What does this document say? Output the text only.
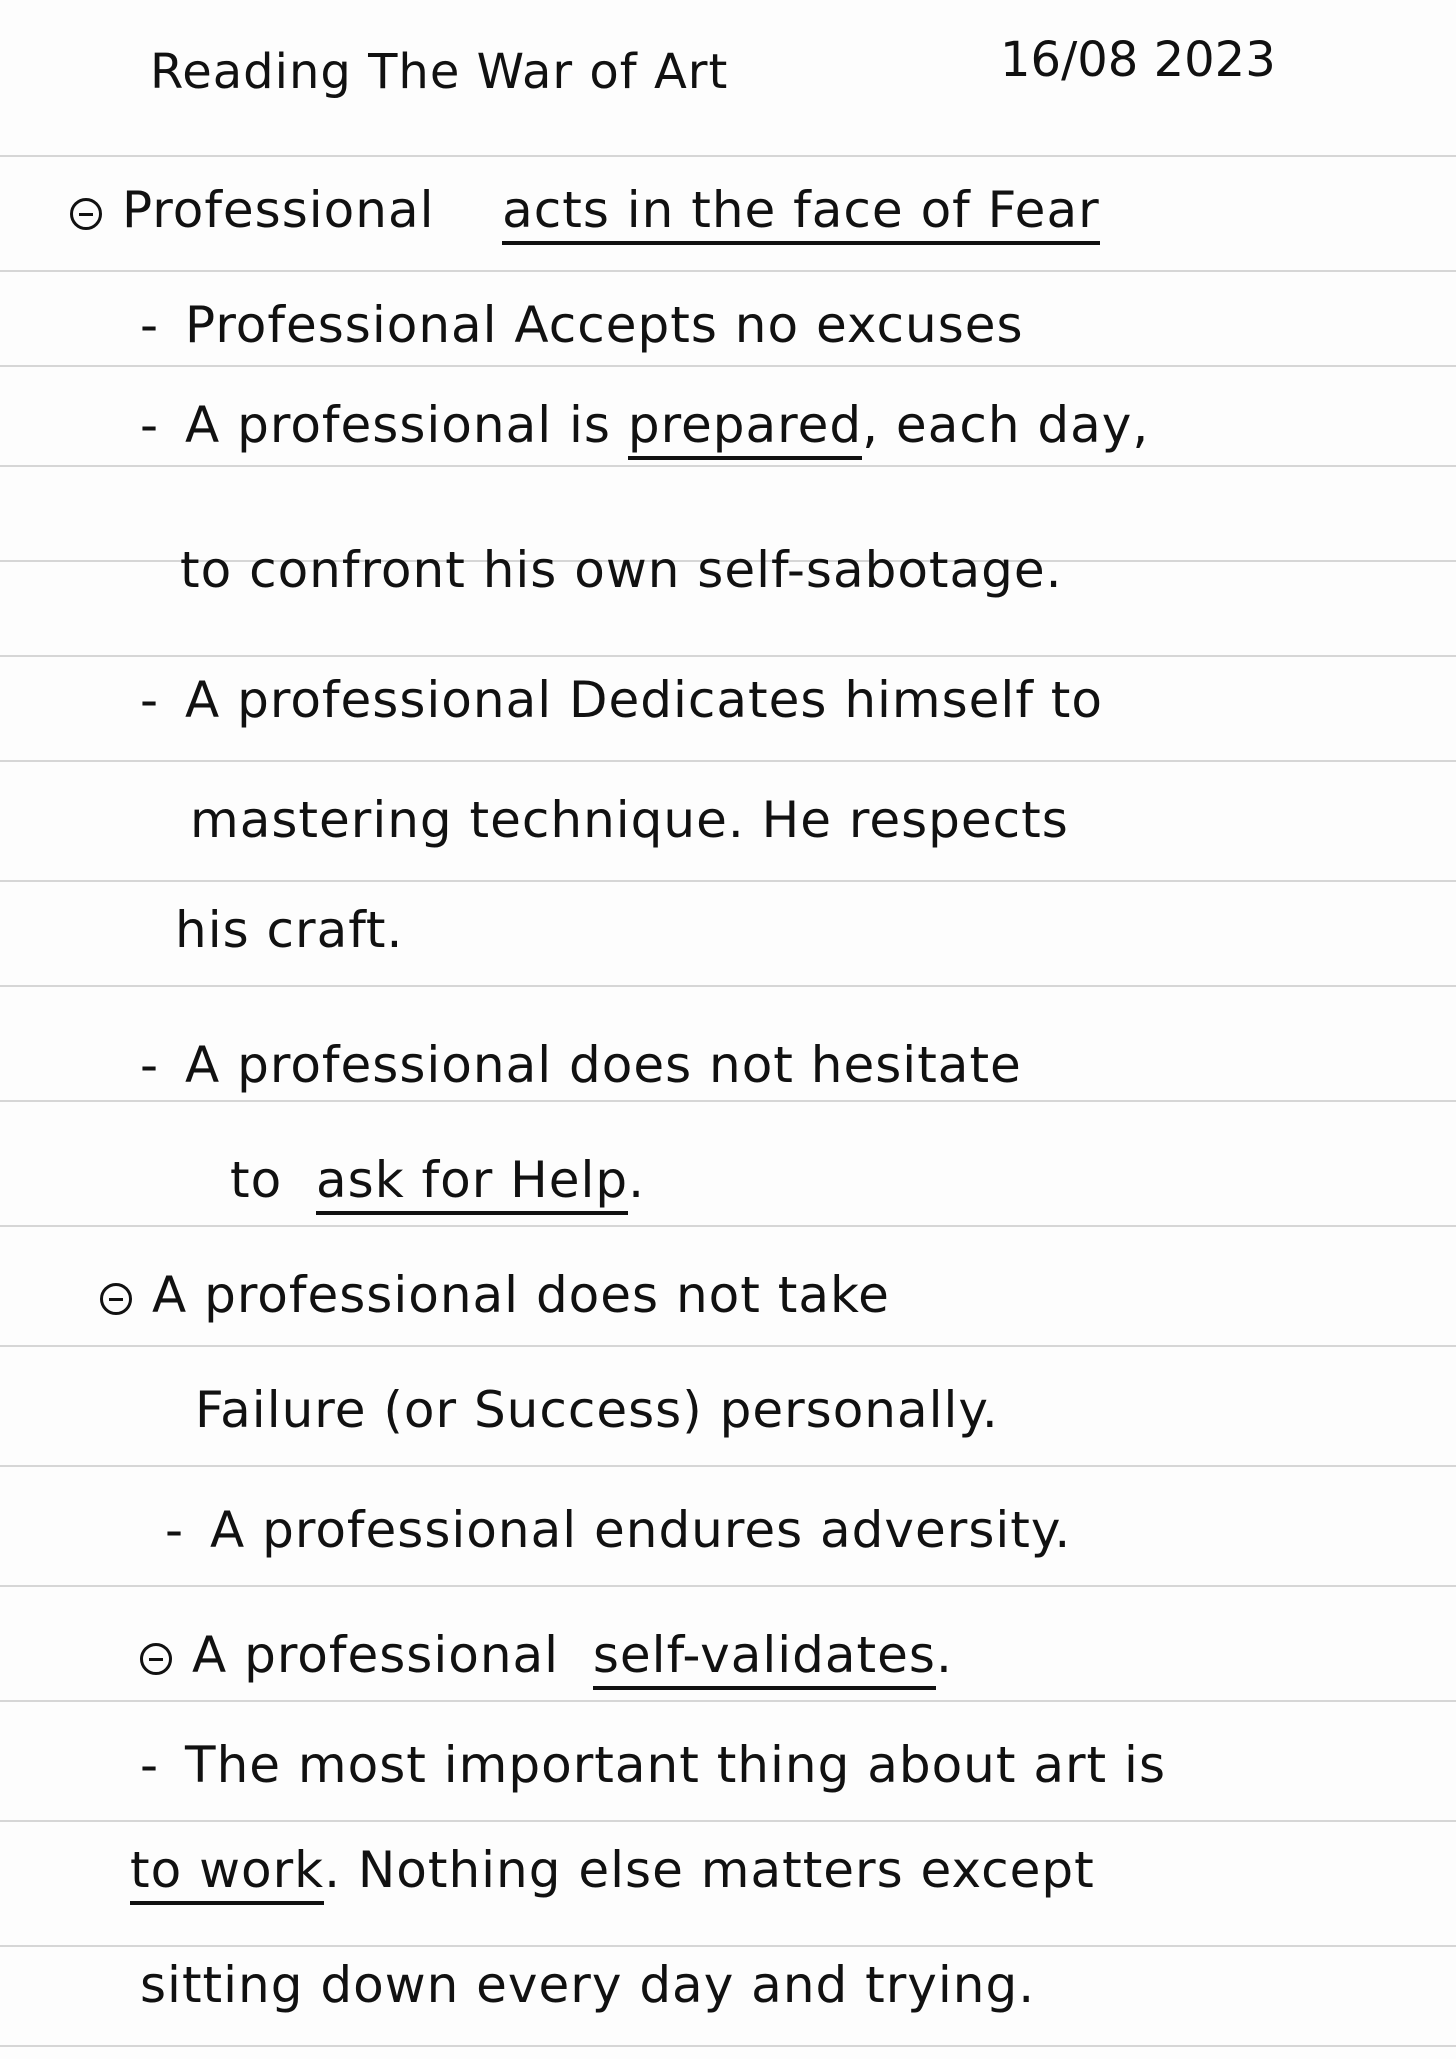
Reading The War of Art	16/08 2023
Professional acts in the face of Fear
- Professional Accepts no excuses
- A professional is prepared, each day,
to confront his own self-sabotage.
- A professional Dedicates himself to
mastering technique. He respects
his craft.
- A professional does not hesitate
to ask for Help.
A professional does not take
Failure (or Success) personally.
- A professional endures adversity.
A professional self-validates.
- The most important thing about art is
to work. Nothing else matters except
sitting down every day and trying.
